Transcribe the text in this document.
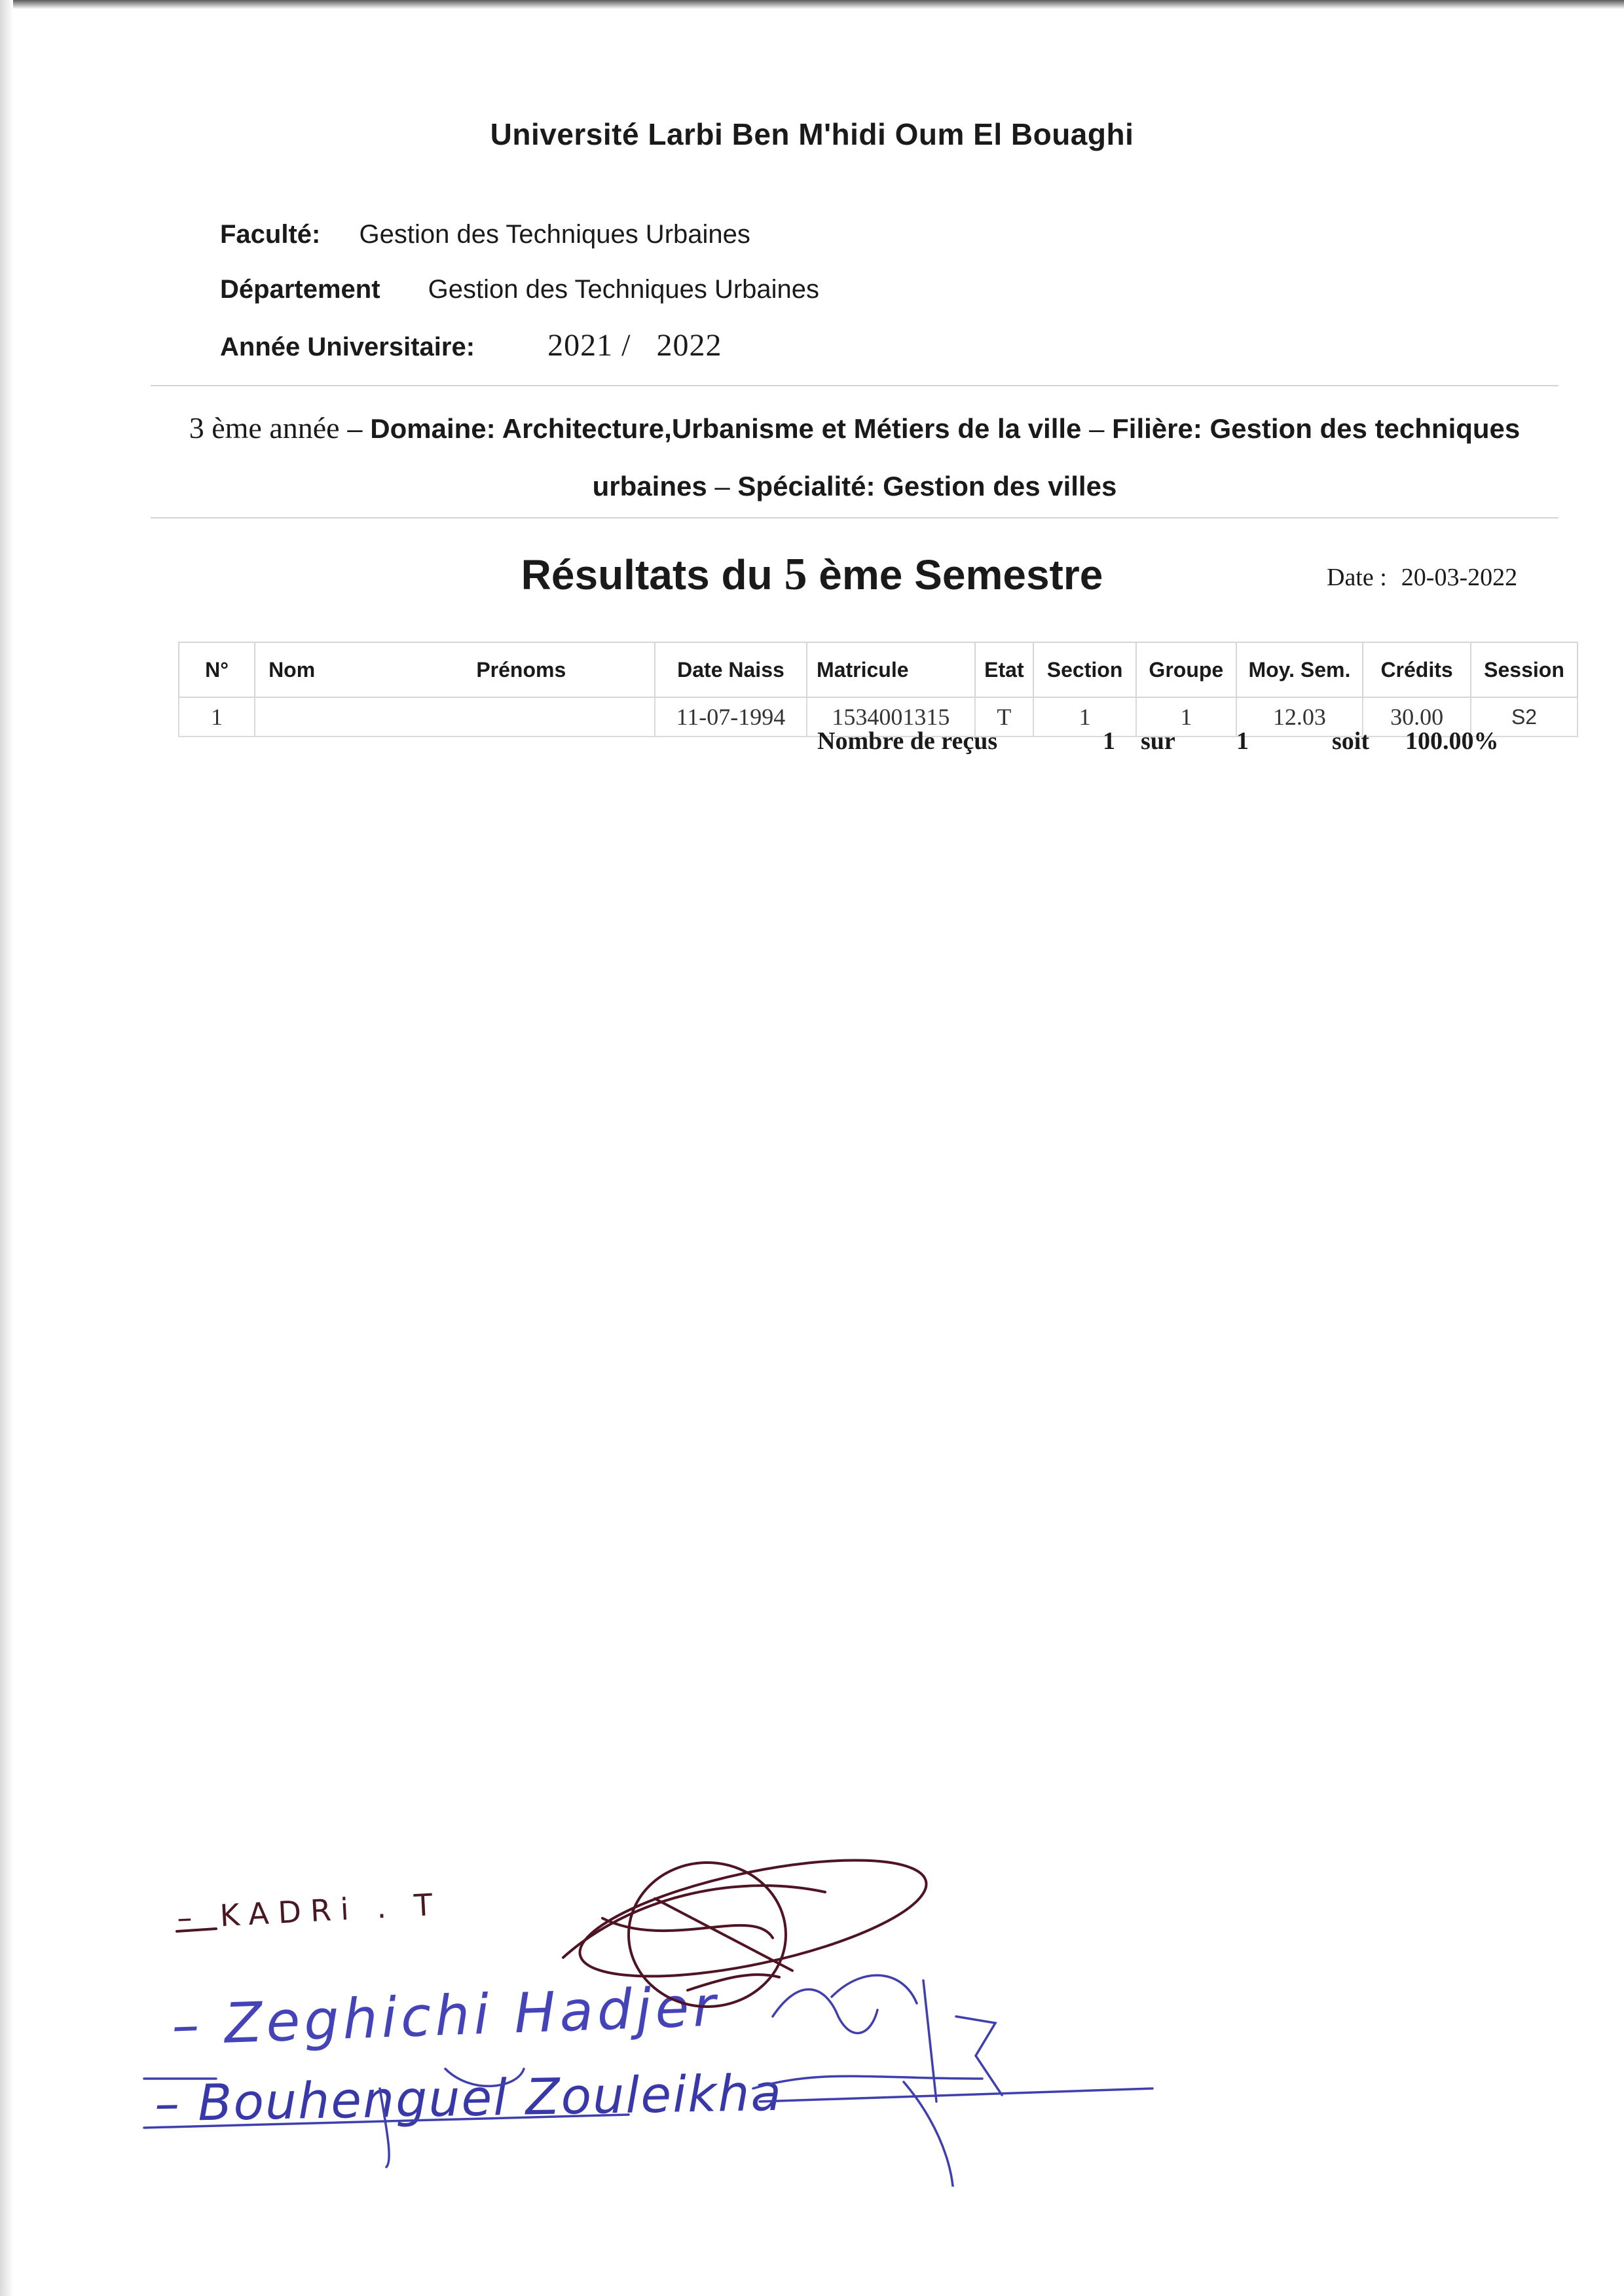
Université Larbi Ben M'hidi Oum El Bouaghi
Faculté: Gestion des Techniques Urbaines
Département Gestion des Techniques Urbaines
Année Universitaire: 2021 /   2022
3 ème année – Domaine: Architecture,Urbanisme et Métiers de la ville – Filière: Gestion des techniques urbaines – Spécialité: Gestion des villes
Résultats du 5 ème Semestre	Date : 20-03-2022
N°	Nom	Prénoms	Date Naiss	Matricule	Etat	Section	Groupe	Moy. Sem.	Crédits	Session
1			11-07-1994	1534001315	T	1	1	12.03	30.00	S2
Nombre de reçus	1 sur 1	soit 100.00%
– KADRi . T
– Zeghichi Hadjer
– Bouhenguel Zouleikha
